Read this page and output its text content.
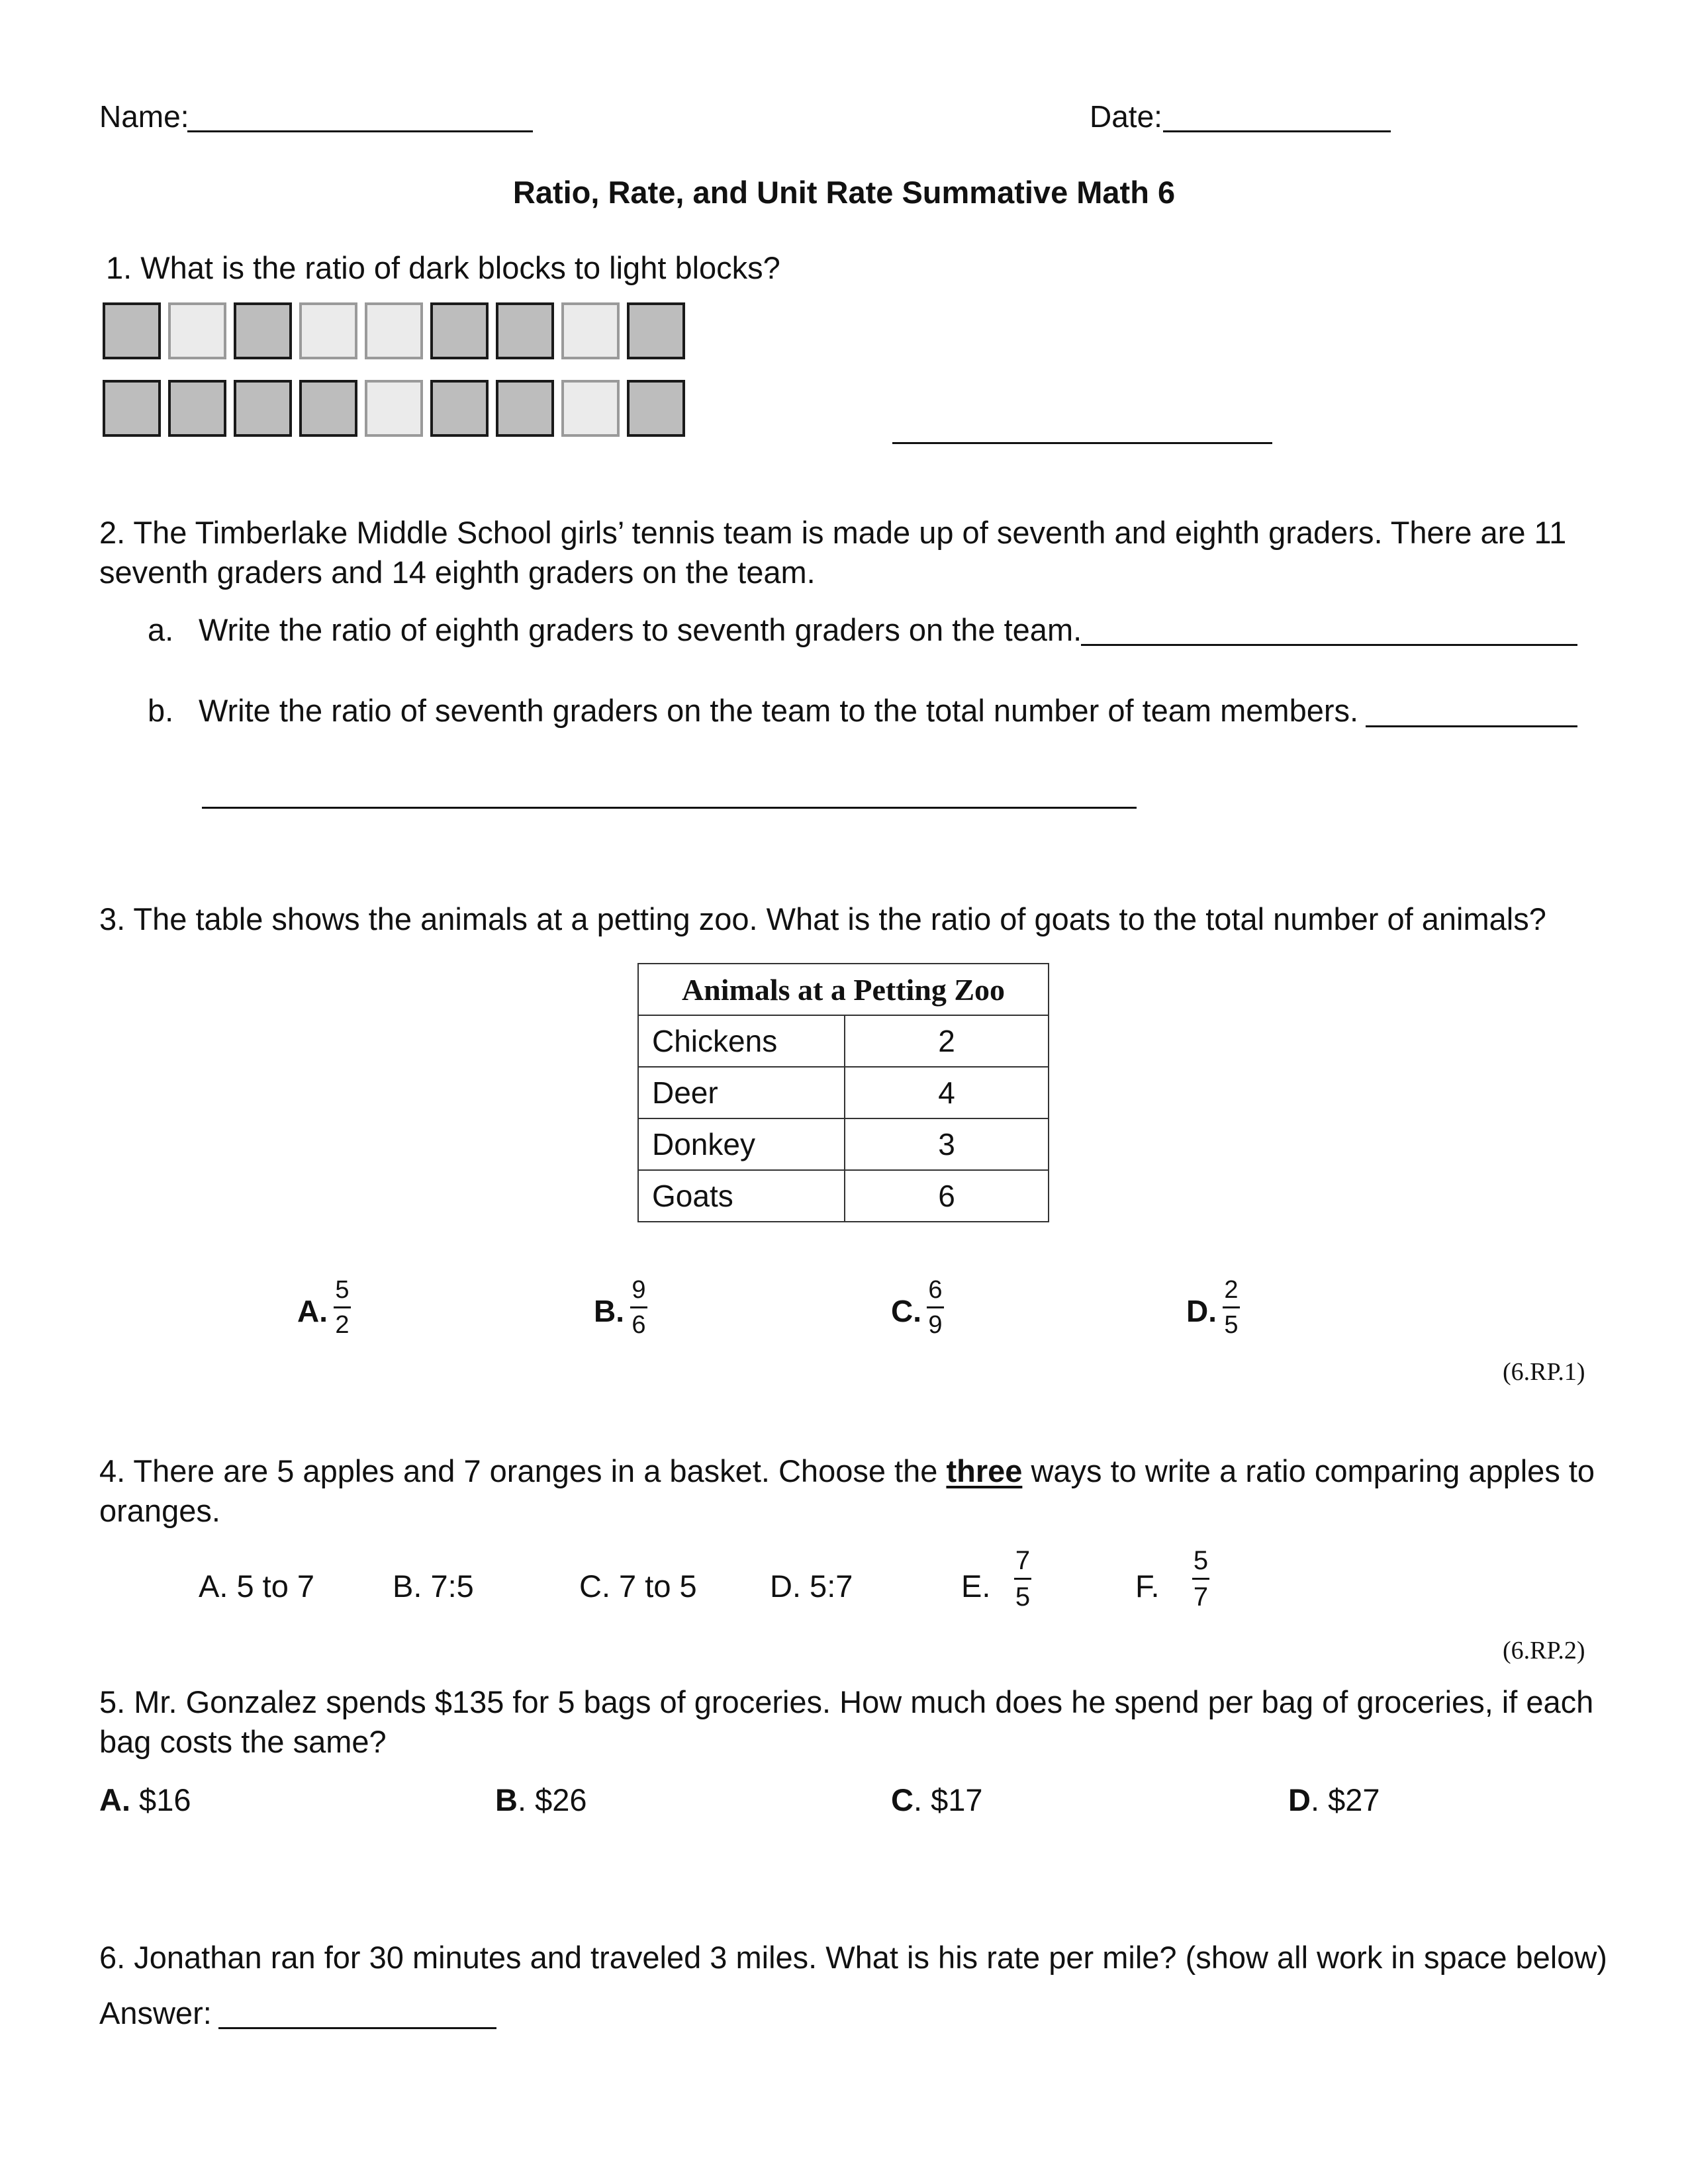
Name:	Date:
Ratio, Rate, and Unit Rate Summative Math 6
1. What is the ratio of dark blocks to light blocks?
2. The Timberlake Middle School girls’ tennis team is made up of seventh and eighth graders. There are 11
seventh graders and 14 eighth graders on the team.
a. Write the ratio of eighth graders to seventh graders on the team.
b. Write the ratio of seventh graders on the team to the total number of team members.
3. The table shows the animals at a petting zoo. What is the ratio of goats to the total number of animals?
Animals at a Petting Zoo	
Chickens	2
Deer	4
Donkey	3
Goats	6
A.
5
2	B.
9
6	C.
6
9	D.
2
5
(6.RP.1)
4. There are 5 apples and 7 oranges in a basket. Choose the three ways to write a ratio comparing apples to
oranges.
A. 5 to 7	B. 7:5	C. 7 to 5 D. 5:7	E.
7
5	F.
5
7
(6.RP.2)
5. Mr. Gonzalez spends $135 for 5 bags of groceries. How much does he spend per bag of groceries, if each
bag costs the same?
A. $16	B. $26	C. $17	D. $27
6. Jonathan ran for 30 minutes and traveled 3 miles. What is his rate per mile? (show all work in space below)
Answer:
